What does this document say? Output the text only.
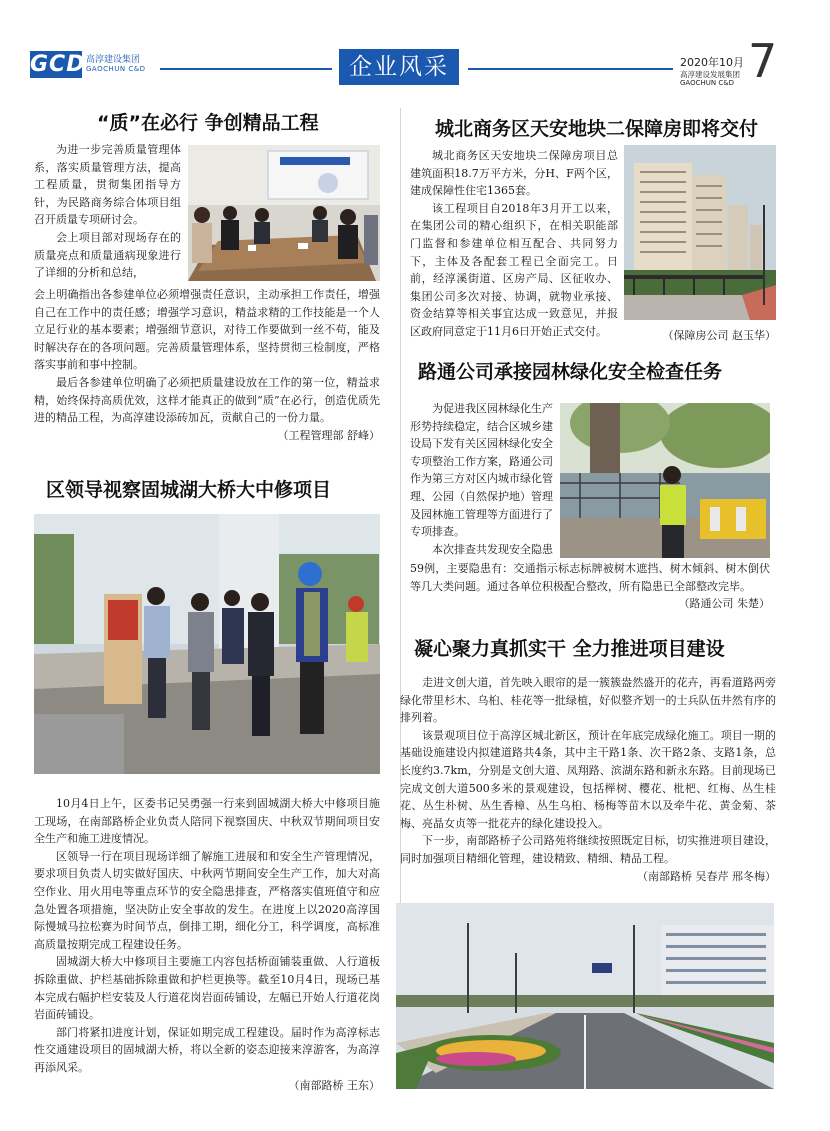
GCD 高淳建设集团
GAOCHUN C&D	企业风采	2020年10月
高淳建设发展集团
GAOCHUN C&D 7
“质”在必行 争创精品工程

为进一步完善质量管理体系，落实质量管理方法，提高工程质量，贯彻集团指导方针，为民路商务综合体项目组召开质量专项研讨会。

会上项目部对现场存在的质量亮点和质量通病现象进行了详细的分析和总结，

会上明确指出各参建单位必须增强责任意识，主动承担工作责任，增强自己在工作中的责任感；增强学习意识，精益求精的工作技能是一个人立足行业的基本要素；增强细节意识，对待工作要做到一丝不苟，能及时解决存在的各项问题。完善质量管理体系，坚持贯彻三检制度，严格落实事前和事中控制。

最后各参建单位明确了必须把质量建设放在工作的第一位，精益求精，始终保持高质优效，这样才能真正的做到“质”在必行，创造优质先进的精品工程，为高淳建设添砖加瓦，贡献自己的一份力量。

（工程管理部 舒峰）
区领导视察固城湖大桥大中修项目

10月4日上午，区委书记吴勇强一行来到固城湖大桥大中修项目施工现场，在南部路桥企业负责人陪同下视察国庆、中秋双节期间项目安全生产和施工进度情况。

区领导一行在项目现场详细了解施工进展和和安全生产管理情况，要求项目负责人切实做好国庆、中秋两节期间安全生产工作，加大对高空作业、用火用电等重点环节的安全隐患排查，严格落实值班值守和应急处置各项措施，坚决防止安全事故的发生。在进度上以2020高淳国际慢城马拉松赛为时间节点，倒排工期，细化分工，科学调度，高标准高质量按期完成工程建设任务。

固城湖大桥大中修项目主要施工内容包括桥面铺装重做、人行道板拆除重做、护栏基础拆除重做和护栏更换等。截至10月4日，现场已基本完成右幅护栏安装及人行道花岗岩面砖铺设，左幅已开始人行道花岗岩面砖铺设。

部门将紧扣进度计划，保证如期完成工程建设。届时作为高淳标志性交通建设项目的固城湖大桥，将以全新的姿态迎接来淳游客，为高淳再添风采。

（南部路桥 王东）
城北商务区天安地块二保障房即将交付

城北商务区天安地块二保障房项目总建筑面积18.7万平方米，分H、F两个区，建成保障性住宅1365套。

该工程项目自2018年3月开工以来，在集团公司的精心组织下，在相关职能部门监督和参建单位相互配合、共同努力下，主体及各配套工程已全面完工。日前，经淳溪街道、区房产局、区征收办、集团公司多次对接、协调，就物业承接、资金结算等相关事宜达成一致意见，并报区政府同意定于11月6日开始正式交付。	（保障房公司 赵玉华）
路通公司承接园林绿化安全检查任务

为促进我区园林绿化生产形势持续稳定，结合区城乡建设局下发有关区园林绿化安全专项整治工作方案，路通公司作为第三方对区内城市绿化管理、公园（自然保护地）管理及园林施工管理等方面进行了专项排查。

本次排查共发现安全隐患

59例，主要隐患有：交通指示标志标牌被树木遮挡、树木倾斜、树木倒伏等几大类问题。通过各单位积极配合整改，所有隐患已全部整改完毕。

（路通公司 朱楚）
凝心聚力真抓实干 全力推进项目建设

走进文创大道，首先映入眼帘的是一簇簇盎然盛开的花卉，再看道路两旁绿化带里杉木、乌桕、桂花等一批绿植，好似整齐划一的士兵队伍井然有序的排列着。

该景观项目位于高淳区城北新区，预计在年底完成绿化施工。项目一期的基础设施建设内拟建道路共4条，其中主干路1条、次干路2条、支路1条，总长度约3.7km，分别是文创大道、凤翔路、滨湖东路和新永东路。目前现场已完成文创大道500多米的景观建设，包括榉树、樱花、枇杷、红梅、丛生桂花、丛生朴树、丛生香樟、丛生乌桕、杨梅等苗木以及牵牛花、黄金菊、茶梅、亮晶女贞等一批花卉的绿化建设投入。

下一步，南部路桥子公司路苑将继续按照既定目标，切实推进项目建设，同时加强项目精细化管理，建设精致、精细、精品工程。

（南部路桥 吴春芹 邢冬梅）
